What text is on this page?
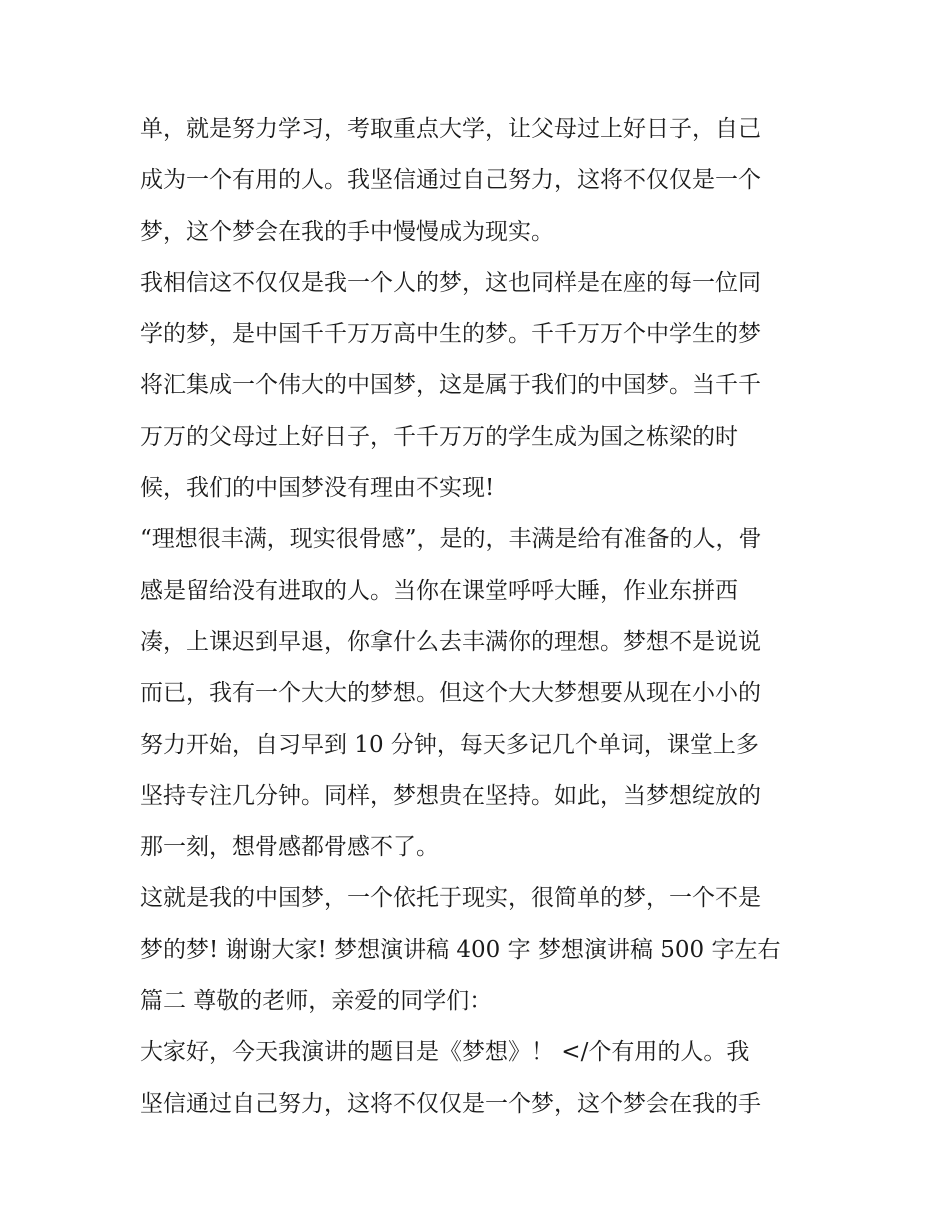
单，就是努力学习，考取重点大学，让父母过上好日子，自己
成为一个有用的人。我坚信通过自己努力，这将不仅仅是一个
梦，这个梦会在我的手中慢慢成为现实。
我相信这不仅仅是我一个人的梦，这也同样是在座的每一位同
学的梦，是中国千千万万高中生的梦。千千万万个中学生的梦
将汇集成一个伟大的中国梦，这是属于我们的中国梦。当千千
万万的父母过上好日子，千千万万的学生成为国之栋梁的时
候，我们的中国梦没有理由不实现!
“理想很丰满，现实很骨感”，是的，丰满是给有准备的人，骨
感是留给没有进取的人。当你在课堂呼呼大睡，作业东拼西
凑，上课迟到早退，你拿什么去丰满你的理想。梦想不是说说
而已，我有一个大大的梦想。但这个大大梦想要从现在小小的
努力开始，自习早到 10 分钟，每天多记几个单词，课堂上多
坚持专注几分钟。同样，梦想贵在坚持。如此，当梦想绽放的
那一刻，想骨感都骨感不了。
这就是我的中国梦，一个依托于现实，很简单的梦，一个不是
梦的梦! 谢谢大家! 梦想演讲稿 400 字 梦想演讲稿 500 字左右
篇二 尊敬的老师，亲爱的同学们：
大家好，今天我演讲的题目是《梦想》！ </个有用的人。我
坚信通过自己努力，这将不仅仅是一个梦，这个梦会在我的手
